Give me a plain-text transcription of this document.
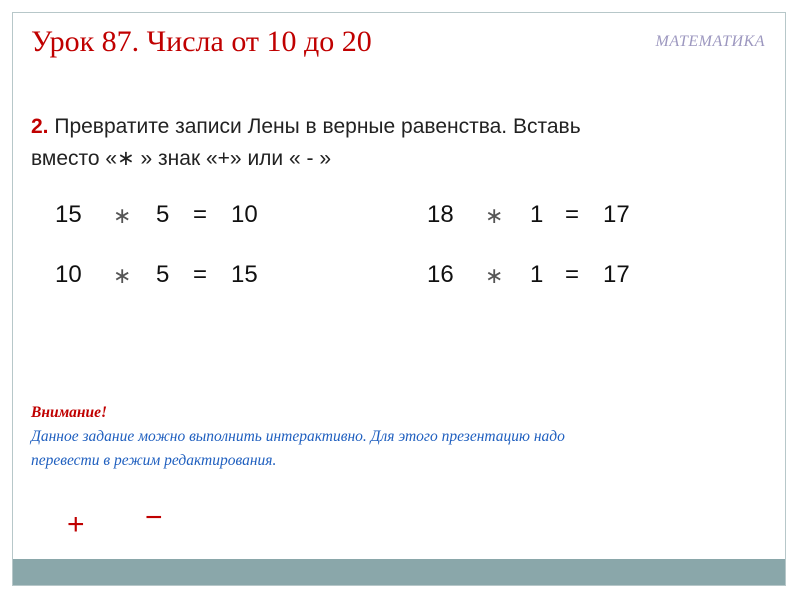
Урок 87. Числа от 10 до 20	МАТЕМАТИКА
2. Превратите записи Лены в верные равенства. Вставь
вместо «∗ » знак «+» или « - »
15 ∗ 5 = 10	18 ∗ 1 = 17
10 ∗ 5 = 15	16 ∗ 1 = 17
Внимание!
Данное задание можно выполнить интерактивно. Для этого презентацию надо
перевести в режим редактирования.
+ −
